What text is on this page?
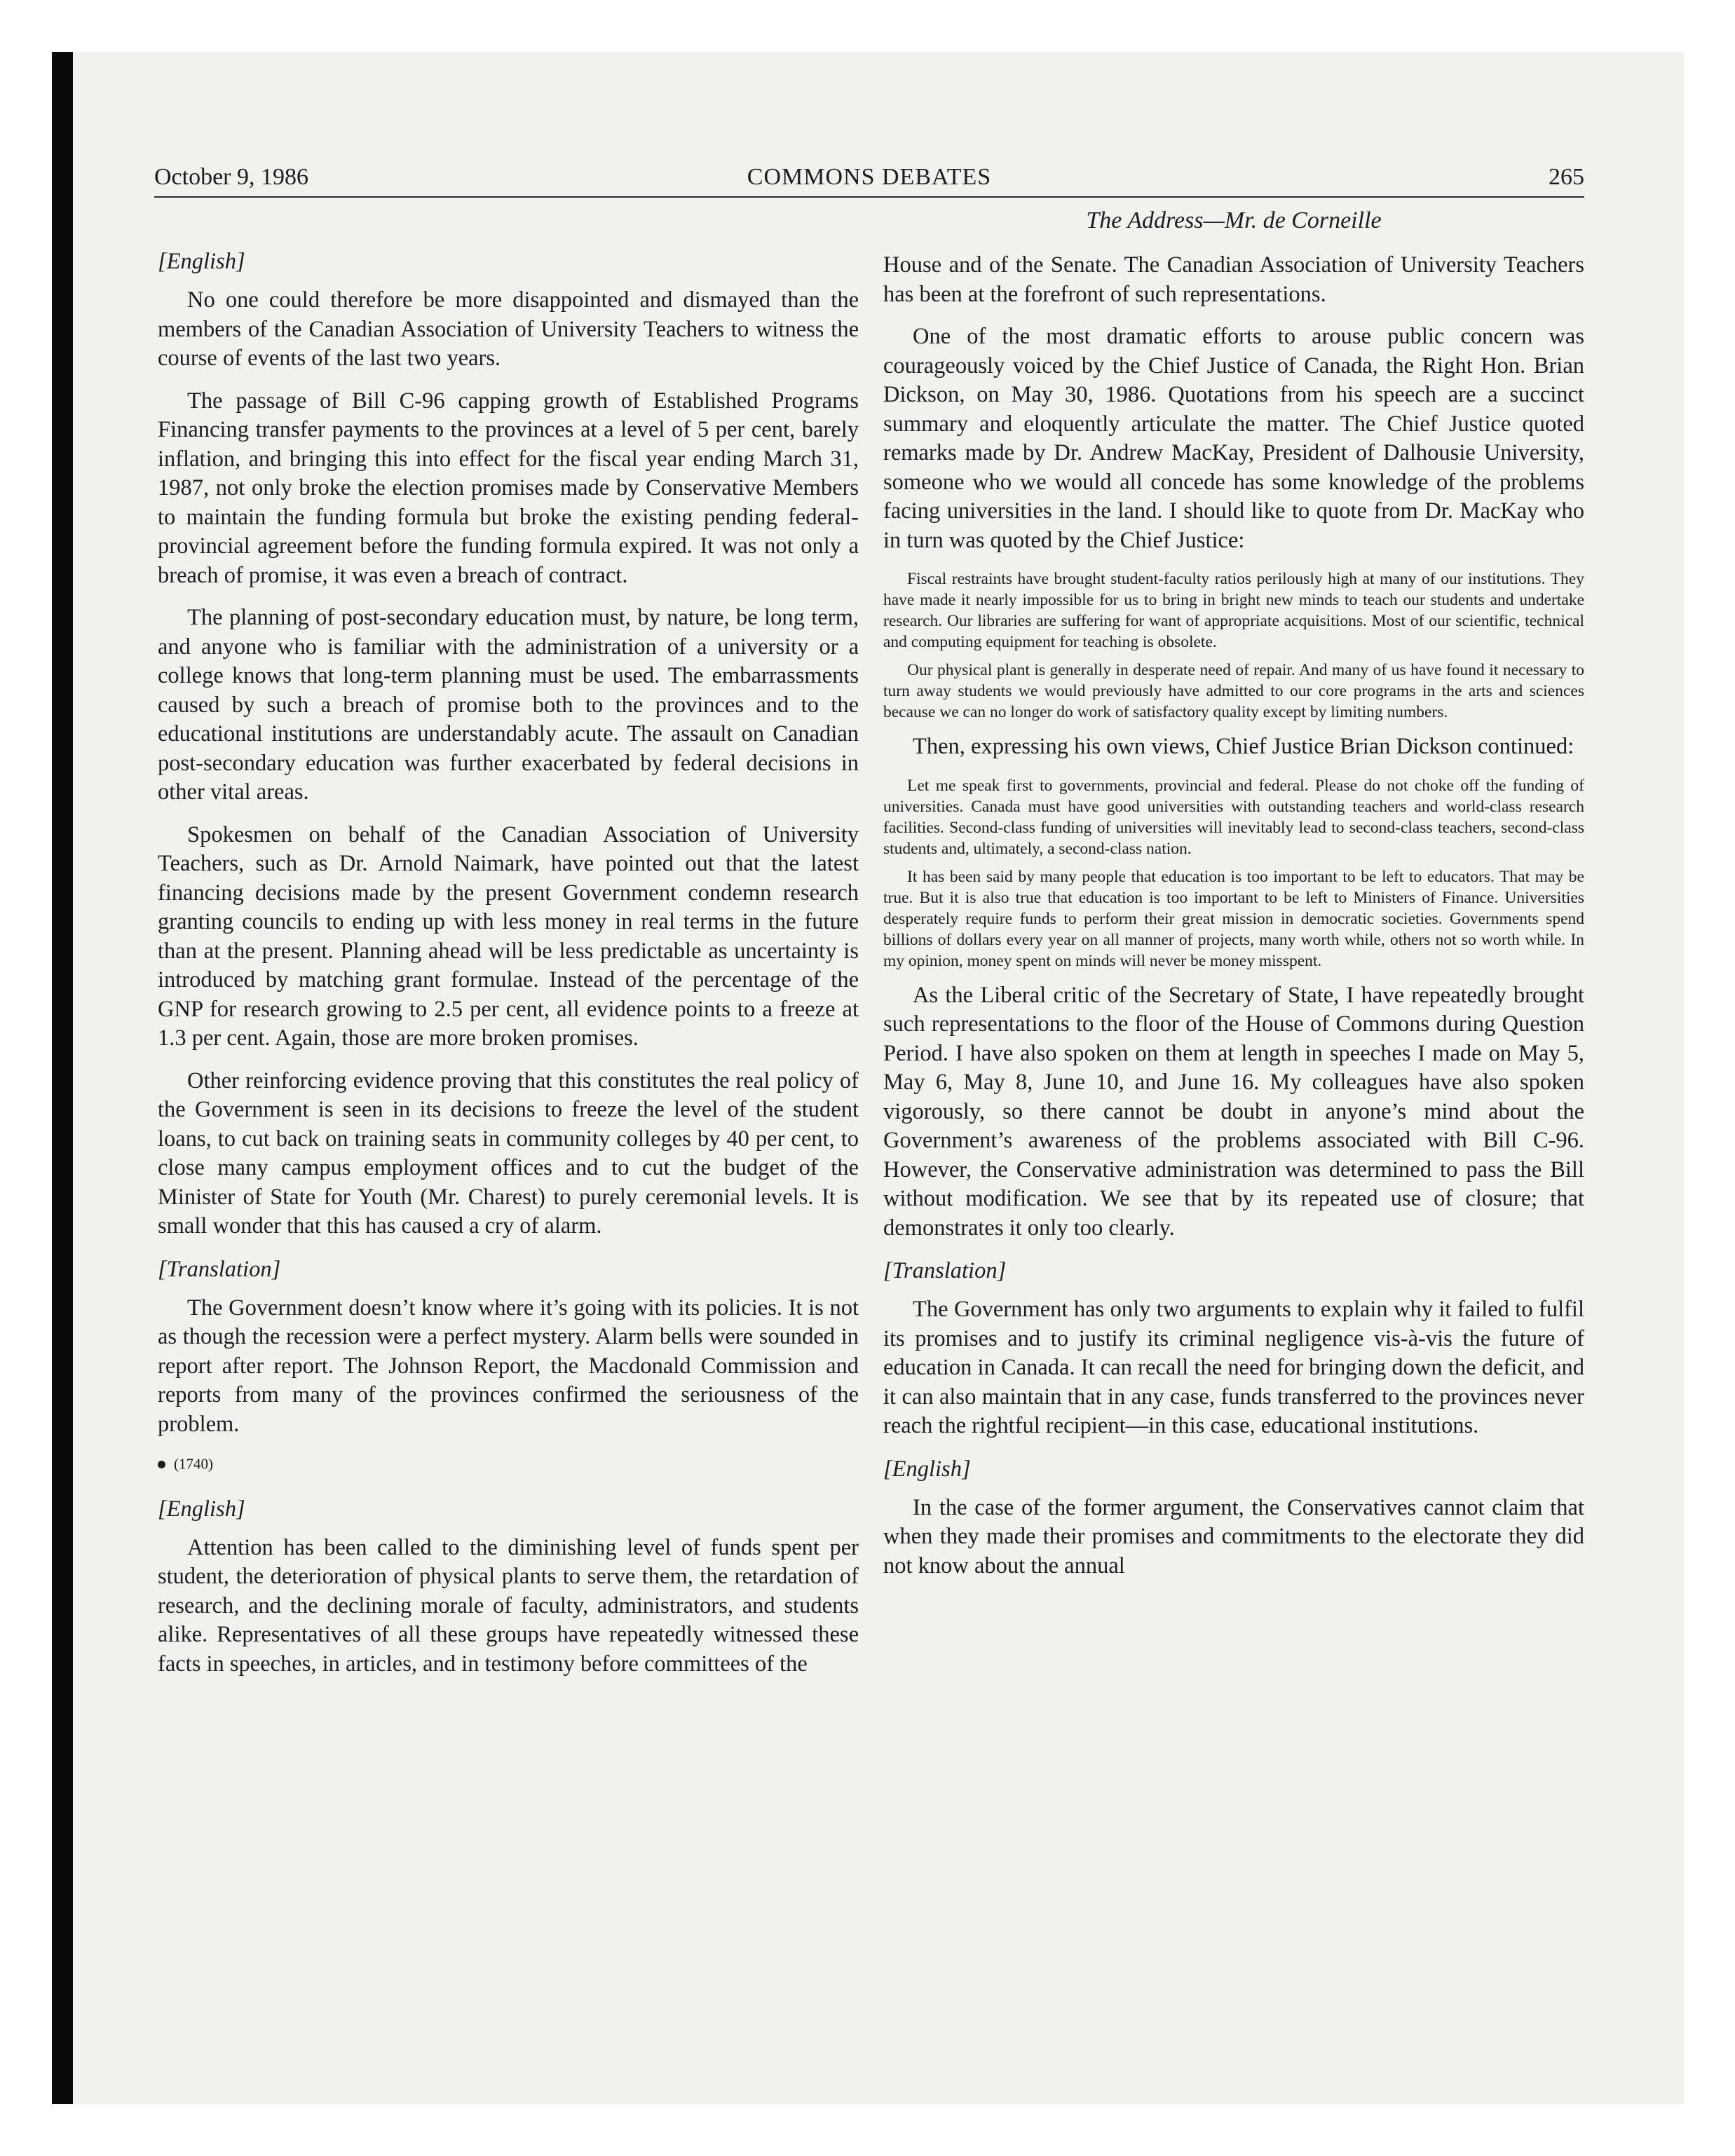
October 9, 1986	COMMONS DEBATES	265
The Address—Mr. de Corneille
[English]

No one could therefore be more disappointed and dismayed than the members of the Canadian Association of University Teachers to witness the course of events of the last two years.

The passage of Bill C-96 capping growth of Established Programs Financing transfer payments to the provinces at a level of 5 per cent, barely inflation, and bringing this into effect for the fiscal year ending March 31, 1987, not only broke the election promises made by Conservative Members to maintain the funding formula but broke the existing pending federal-provincial agreement before the funding formula expired. It was not only a breach of promise, it was even a breach of contract.

The planning of post-secondary education must, by nature, be long term, and anyone who is familiar with the administration of a university or a college knows that long-term planning must be used. The embarrassments caused by such a breach of promise both to the provinces and to the educational institutions are understandably acute. The assault on Canadian post-secondary education was further exacerbated by federal decisions in other vital areas.

Spokesmen on behalf of the Canadian Association of University Teachers, such as Dr. Arnold Naimark, have pointed out that the latest financing decisions made by the present Government condemn research granting councils to ending up with less money in real terms in the future than at the present. Planning ahead will be less predictable as uncertainty is introduced by matching grant formulae. Instead of the percentage of the GNP for research growing to 2.5 per cent, all evidence points to a freeze at 1.3 per cent. Again, those are more broken promises.

Other reinforcing evidence proving that this constitutes the real policy of the Government is seen in its decisions to freeze the level of the student loans, to cut back on training seats in community colleges by 40 per cent, to close many campus employment offices and to cut the budget of the Minister of State for Youth (Mr. Charest) to purely ceremonial levels. It is small wonder that this has caused a cry of alarm.

[Translation]

The Government doesn’t know where it’s going with its policies. It is not as though the recession were a perfect mystery. Alarm bells were sounded in report after report. The Johnson Report, the Macdonald Commission and reports from many of the provinces confirmed the seriousness of the problem.

(1740)
[English]

Attention has been called to the diminishing level of funds spent per student, the deterioration of physical plants to serve them, the retardation of research, and the declining morale of faculty, administrators, and students alike. Representatives of all these groups have repeatedly witnessed these facts in speeches, in articles, and in testimony before committees of the

House and of the Senate. The Canadian Association of University Teachers has been at the forefront of such representations.

One of the most dramatic efforts to arouse public concern was courageously voiced by the Chief Justice of Canada, the Right Hon. Brian Dickson, on May 30, 1986. Quotations from his speech are a succinct summary and eloquently articulate the matter. The Chief Justice quoted remarks made by Dr. Andrew MacKay, President of Dalhousie University, someone who we would all concede has some knowledge of the problems facing universities in the land. I should like to quote from Dr. MacKay who in turn was quoted by the Chief Justice:

Fiscal restraints have brought student-faculty ratios perilously high at many of our institutions. They have made it nearly impossible for us to bring in bright new minds to teach our students and undertake research. Our libraries are suffering for want of appropriate acquisitions. Most of our scientific, technical and computing equipment for teaching is obsolete.

Our physical plant is generally in desperate need of repair. And many of us have found it necessary to turn away students we would previously have admitted to our core programs in the arts and sciences because we can no longer do work of satisfactory quality except by limiting numbers.

Then, expressing his own views, Chief Justice Brian Dickson continued:

Let me speak first to governments, provincial and federal. Please do not choke off the funding of universities. Canada must have good universities with outstanding teachers and world-class research facilities. Second-class funding of universities will inevitably lead to second-class teachers, second-class students and, ultimately, a second-class nation.

It has been said by many people that education is too important to be left to educators. That may be true. But it is also true that education is too important to be left to Ministers of Finance. Universities desperately require funds to perform their great mission in democratic societies. Governments spend billions of dollars every year on all manner of projects, many worth while, others not so worth while. In my opinion, money spent on minds will never be money misspent.

As the Liberal critic of the Secretary of State, I have repeatedly brought such representations to the floor of the House of Commons during Question Period. I have also spoken on them at length in speeches I made on May 5, May 6, May 8, June 10, and June 16. My colleagues have also spoken vigorously, so there cannot be doubt in anyone’s mind about the Government’s awareness of the problems associated with Bill C-96. However, the Conservative administration was determined to pass the Bill without modification. We see that by its repeated use of closure; that demonstrates it only too clearly.

[Translation]

The Government has only two arguments to explain why it failed to fulfil its promises and to justify its criminal negligence vis-à-vis the future of education in Canada. It can recall the need for bringing down the deficit, and it can also maintain that in any case, funds transferred to the provinces never reach the rightful recipient—in this case, educational institutions.

[English]

In the case of the former argument, the Conservatives cannot claim that when they made their promises and commitments to the electorate they did not know about the annual
